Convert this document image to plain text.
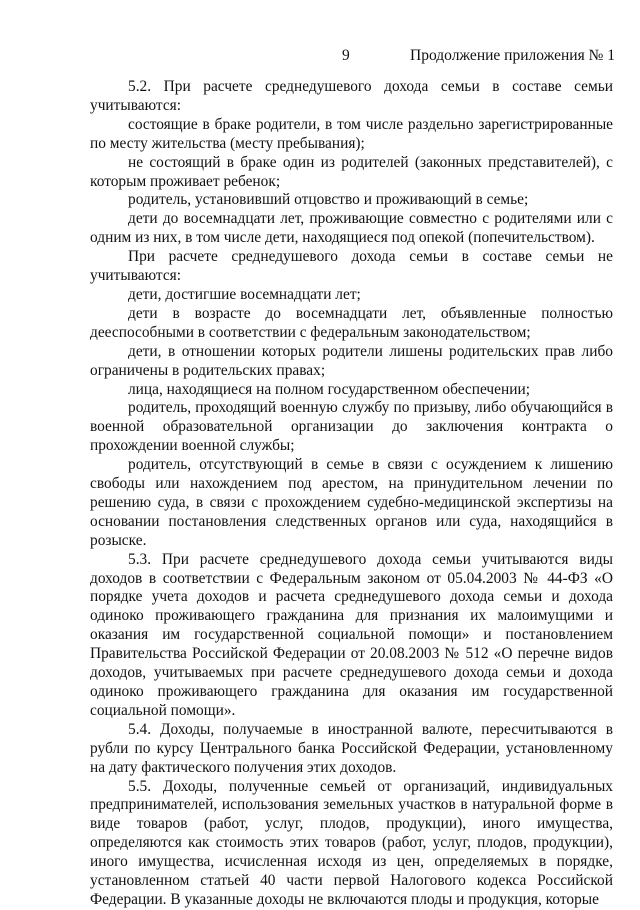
9	Продолжение приложения № 1

5.2. При расчете среднедушевого дохода семьи в составе семьи учитываются:

состоящие в браке родители, в том числе раздельно зарегистрированные по месту жительства (месту пребывания);

не состоящий в браке один из родителей (законных представителей), с которым проживает ребенок;

родитель, установивший отцовство и проживающий в семье;

дети до восемнадцати лет, проживающие совместно с родителями или с одним из них, в том числе дети, находящиеся под опекой (попечительством).

При расчете среднедушевого дохода семьи в составе семьи не учитываются:

дети, достигшие восемнадцати лет;

дети в возрасте до восемнадцати лет, объявленные полностью дееспособными в соответствии с федеральным законодательством;

дети, в отношении которых родители лишены родительских прав либо ограничены в родительских правах;

лица, находящиеся на полном государственном обеспечении;

родитель, проходящий военную службу по призыву, либо обучающийся в военной образовательной организации до заключения контракта о прохождении военной службы;

родитель, отсутствующий в семье в связи с осуждением к лишению свободы или нахождением под арестом, на принудительном лечении по решению суда, в связи с прохождением судебно-медицинской экспертизы на основании постановления следственных органов или суда, находящийся в розыске.

5.3. При расчете среднедушевого дохода семьи учитываются виды доходов в соответствии с Федеральным законом от 05.04.2003 № 44-ФЗ «О порядке учета доходов и расчета среднедушевого дохода семьи и дохода одиноко проживающего гражданина для признания их малоимущими и оказания им государственной социальной помощи» и постановлением Правительства Российской Федерации от 20.08.2003 № 512 «О перечне видов доходов, учитываемых при расчете среднедушевого дохода семьи и дохода одиноко проживающего гражданина для оказания им государственной социальной помощи».

5.4. Доходы, получаемые в иностранной валюте, пересчитываются в рубли по курсу Центрального банка Российской Федерации, установленному на дату фактического получения этих доходов.

5.5. Доходы, полученные семьей от организаций, индивидуальных предпринимателей, использования земельных участков в натуральной форме в виде товаров (работ, услуг, плодов, продукции), иного имущества, определяются как стоимость этих товаров (работ, услуг, плодов, продукции), иного имущества, исчисленная исходя из цен, определяемых в порядке, установленном статьей 40 части первой Налогового кодекса Российской Федерации. В указанные доходы не включаются плоды и продукция, которые
